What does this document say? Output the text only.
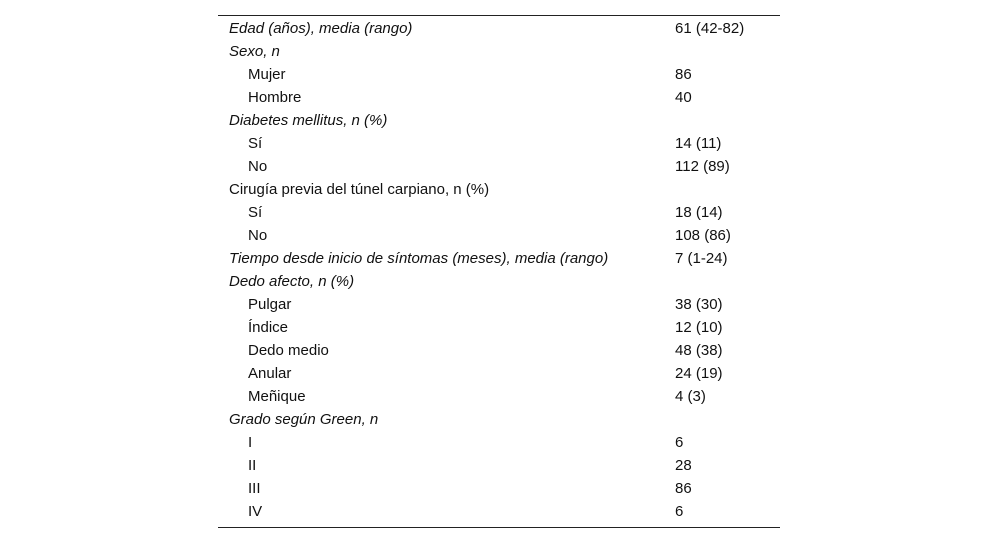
Edad (años), media (rango)	61 (42-82)
Sexo, n
Mujer	86
Hombre	40
Diabetes mellitus, n (%)
Sí	14 (11)
No	112 (89)
Cirugía previa del túnel carpiano, n (%)
Sí	18 (14)
No	108 (86)
Tiempo desde inicio de síntomas (meses), media (rango)	7 (1-24)
Dedo afecto, n (%)
Pulgar	38 (30)
Índice	12 (10)
Dedo medio	48 (38)
Anular	24 (19)
Meñique	4 (3)
Grado según Green, n
I	6
II	28
III	86
IV	6
